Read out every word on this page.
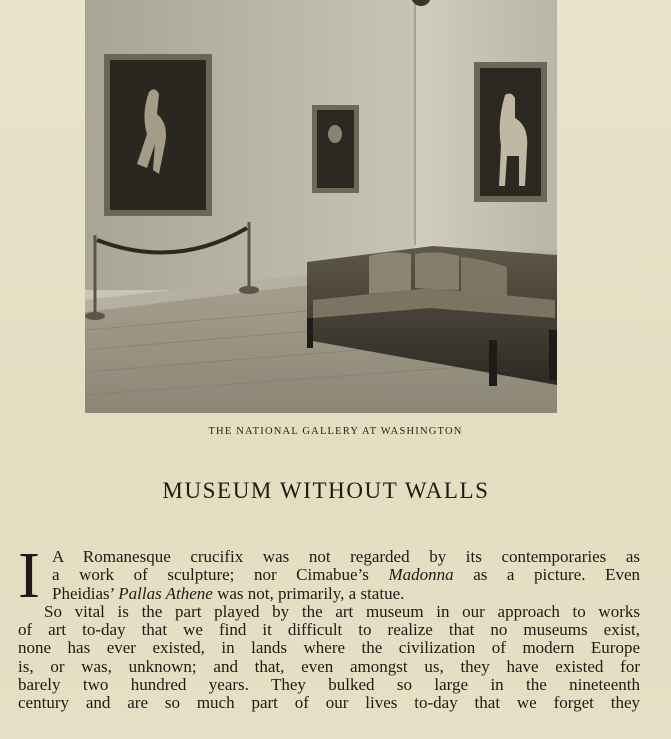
THE NATIONAL GALLERY AT WASHINGTON
MUSEUM WITHOUT WALLS
I A Romanesque crucifix was not regarded by its contemporaries as
a work of sculpture; nor Cimabue’s Madonna as a picture. Even
Pheidias’ Pallas Athene was not, primarily, a statue.
So vital is the part played by the art museum in our approach to works
of art to-day that we find it difficult to realize that no museums exist,
none has ever existed, in lands where the civilization of modern Europe
is, or was, unknown; and that, even amongst us, they have existed for
barely two hundred years. They bulked so large in the nineteenth
century and are so much part of our lives to-day that we forget they
